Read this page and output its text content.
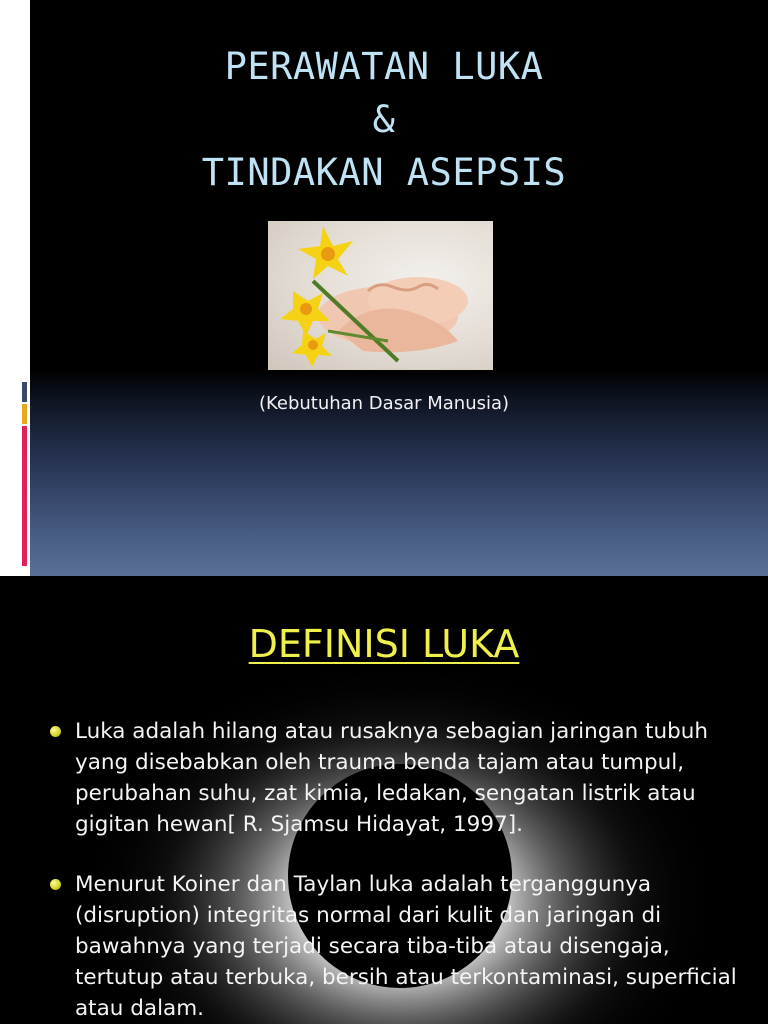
PERAWATAN LUKA
&
TINDAKAN ASEPSIS
(Kebutuhan Dasar Manusia)
DEFINISI LUKA
Luka adalah hilang atau rusaknya sebagian jaringan tubuh yang disebabkan oleh trauma benda tajam atau tumpul, perubahan suhu, zat kimia, ledakan, sengatan listrik atau gigitan hewan[ R. Sjamsu Hidayat, 1997].
Menurut Koiner dan Taylan luka adalah terganggunya (disruption) integritas normal dari kulit dan jaringan di bawahnya yang terjadi secara tiba-tiba atau disengaja, tertutup atau terbuka, bersih atau terkontaminasi, superficial atau dalam.
